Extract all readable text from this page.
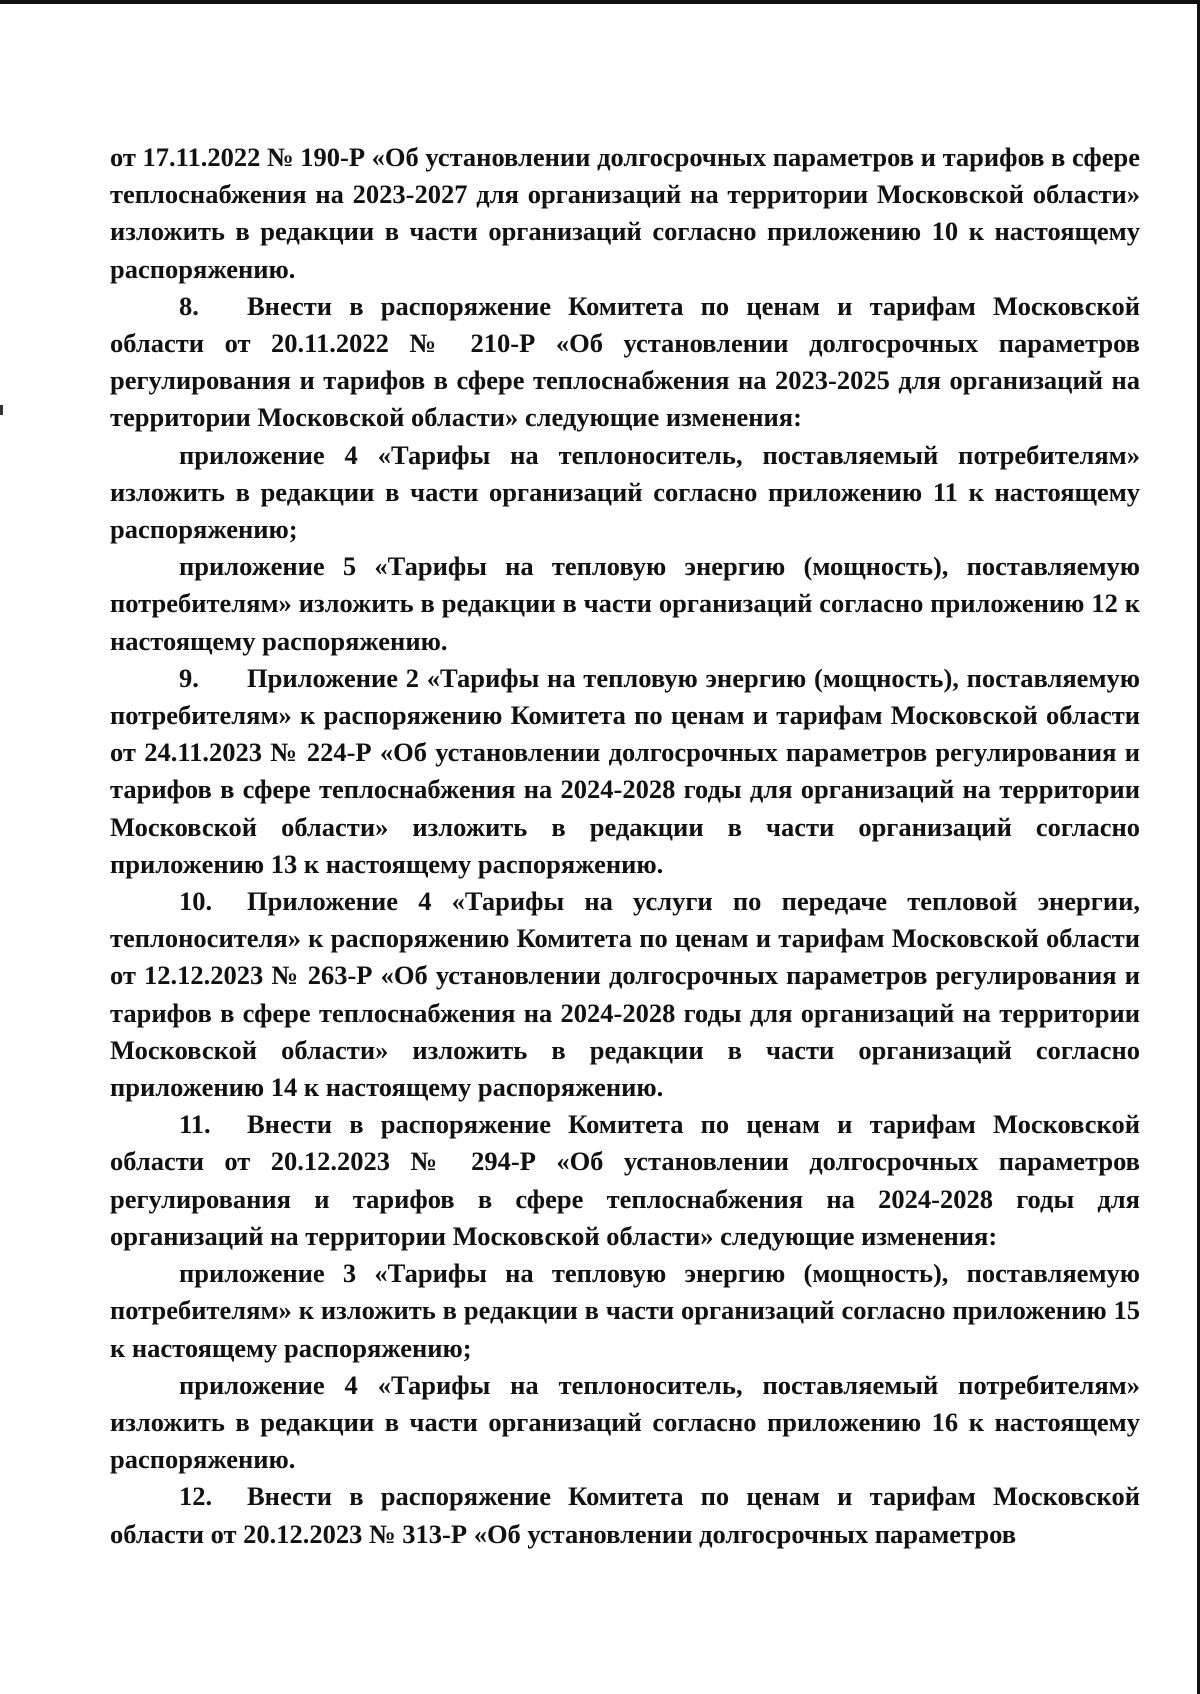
от 17.11.2022 № 190-Р «Об установлении долгосрочных параметров и тарифов в сфере теплоснабжения на 2023-2027 для организаций на территории Московской области» изложить в редакции в части организаций согласно приложению 10 к настоящему распоряжению.

8. Внести в распоряжение Комитета по ценам и тарифам Московской области от 20.11.2022 № 210-Р «Об установлении долгосрочных параметров регулирования и тарифов в сфере теплоснабжения на 2023-2025 для организаций на территории Московской области» следующие изменения:

приложение 4 «Тарифы на теплоноситель, поставляемый потребителям» изложить в редакции в части организаций согласно приложению 11 к настоящему распоряжению;

приложение 5 «Тарифы на тепловую энергию (мощность), поставляемую потребителям» изложить в редакции в части организаций согласно приложению 12 к настоящему распоряжению.

9. Приложение 2 «Тарифы на тепловую энергию (мощность), поставляемую потребителям» к распоряжению Комитета по ценам и тарифам Московской области от 24.11.2023 № 224-Р «Об установлении долгосрочных параметров регулирования и тарифов в сфере теплоснабжения на 2024-2028 годы для организаций на территории Московской области» изложить в редакции в части организаций согласно приложению 13 к настоящему распоряжению.

10. Приложение 4 «Тарифы на услуги по передаче тепловой энергии, теплоносителя» к распоряжению Комитета по ценам и тарифам Московской области от 12.12.2023 № 263-Р «Об установлении долгосрочных параметров регулирования и тарифов в сфере теплоснабжения на 2024-2028 годы для организаций на территории Московской области» изложить в редакции в части организаций согласно приложению 14 к настоящему распоряжению.

11. Внести в распоряжение Комитета по ценам и тарифам Московской области от 20.12.2023 № 294-Р «Об установлении долгосрочных параметров регулирования и тарифов в сфере теплоснабжения на 2024-2028 годы для организаций на территории Московской области» следующие изменения:

приложение 3 «Тарифы на тепловую энергию (мощность), поставляемую потребителям» к изложить в редакции в части организаций согласно приложению 15 к настоящему распоряжению;

приложение 4 «Тарифы на теплоноситель, поставляемый потребителям» изложить в редакции в части организаций согласно приложению 16 к настоящему распоряжению.

12. Внести в распоряжение Комитета по ценам и тарифам Московской области от 20.12.2023 № 313-Р «Об установлении долгосрочных параметров
